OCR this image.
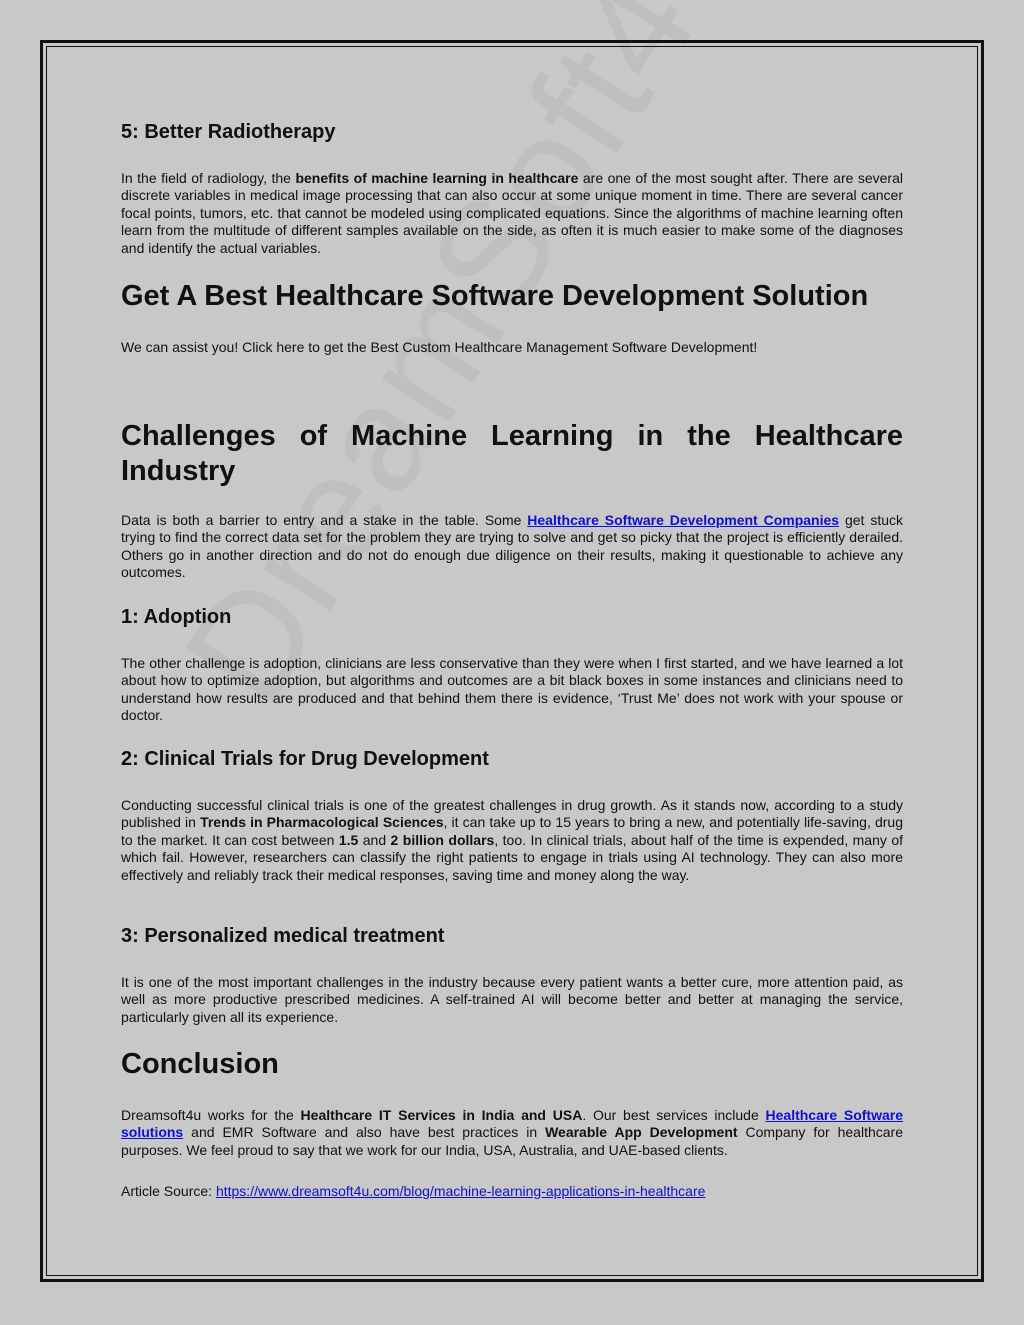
5: Better Radiotherapy

In the field of radiology, the benefits of machine learning in healthcare are one of the most sought after. There are several discrete variables in medical image processing that can also occur at some unique moment in time. There are several cancer focal points, tumors, etc. that cannot be modeled using complicated equations. Since the algorithms of machine learning often learn from the multitude of different samples available on the side, as often it is much easier to make some of the diagnoses and identify the actual variables.

Get A Best Healthcare Software Development Solution

We can assist you! Click here to get the Best Custom Healthcare Management Software Development!

Challenges of Machine Learning in the Healthcare
Industry

Data is both a barrier to entry and a stake in the table. Some Healthcare Software Development Companies get stuck trying to find the correct data set for the problem they are trying to solve and get so picky that the project is efficiently derailed. Others go in another direction and do not do enough due diligence on their results, making it questionable to achieve any outcomes.

1: Adoption

The other challenge is adoption, clinicians are less conservative than they were when I first started, and we have learned a lot about how to optimize adoption, but algorithms and outcomes are a bit black boxes in some instances and clinicians need to understand how results are produced and that behind them there is evidence, ‘Trust Me’ does not work with your spouse or doctor.

2: Clinical Trials for Drug Development

Conducting successful clinical trials is one of the greatest challenges in drug growth. As it stands now, according to a study published in Trends in Pharmacological Sciences, it can take up to 15 years to bring a new, and potentially life-saving, drug to the market. It can cost between 1.5 and 2 billion dollars, too. In clinical trials, about half of the time is expended, many of which fail. However, researchers can classify the right patients to engage in trials using AI technology. They can also more effectively and reliably track their medical responses, saving time and money along the way.

3: Personalized medical treatment

It is one of the most important challenges in the industry because every patient wants a better cure, more attention paid, as well as more productive prescribed medicines. A self-trained AI will become better and better at managing the service, particularly given all its experience.

Conclusion

Dreamsoft4u works for the Healthcare IT Services in India and USA. Our best services include Healthcare Software solutions and EMR Software and also have best practices in Wearable App Development Company for healthcare purposes. We feel proud to say that we work for our India, USA, Australia, and UAE-based clients.

Article Source: https://www.dreamsoft4u.com/blog/machine-learning-applications-in-healthcare
